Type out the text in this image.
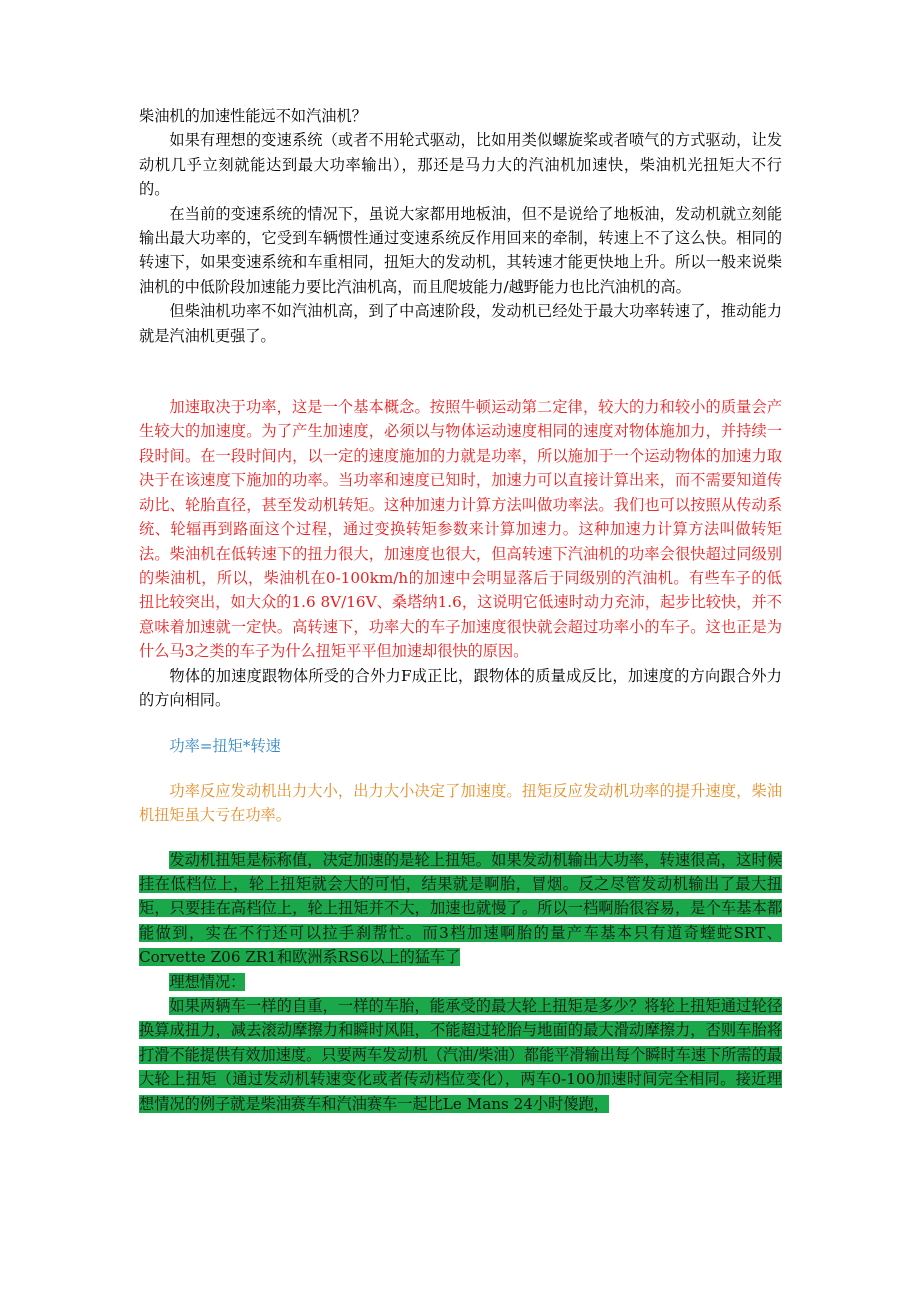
柴油机的加速性能远不如汽油机？

如果有理想的变速系统（或者不用轮式驱动，比如用类似螺旋桨或者喷气的方式驱动，让发动机几乎立刻就能达到最大功率输出），那还是马力大的汽油机加速快，柴油机光扭矩大不行的。

在当前的变速系统的情况下，虽说大家都用地板油，但不是说给了地板油，发动机就立刻能输出最大功率的，它受到车辆惯性通过变速系统反作用回来的牵制，转速上不了这么快。相同的转速下，如果变速系统和车重相同，扭矩大的发动机，其转速才能更快地上升。所以一般来说柴油机的中低阶段加速能力要比汽油机高，而且爬坡能力/越野能力也比汽油机的高。

但柴油机功率不如汽油机高，到了中高速阶段，发动机已经处于最大功率转速了，推动能力就是汽油机更强了。

加速取决于功率，这是一个基本概念。按照牛顿运动第二定律，较大的力和较小的质量会产生较大的加速度。为了产生加速度，必须以与物体运动速度相同的速度对物体施加力，并持续一段时间。在一段时间内，以一定的速度施加的力就是功率，所以施加于一个运动物体的加速力取决于在该速度下施加的功率。当功率和速度已知时，加速力可以直接计算出来，而不需要知道传动比、轮胎直径，甚至发动机转矩。这种加速力计算方法叫做功率法。我们也可以按照从传动系统、轮辐再到路面这个过程，通过变换转矩参数来计算加速力。这种加速力计算方法叫做转矩法。柴油机在低转速下的扭力很大，加速度也很大，但高转速下汽油机的功率会很快超过同级别的柴油机，所以，柴油机在0-100km/h的加速中会明显落后于同级别的汽油机。有些车子的低扭比较突出，如大众的1.6 8V/16V、桑塔纳1.6，这说明它低速时动力充沛，起步比较快，并不意味着加速就一定快。高转速下，功率大的车子加速度很快就会超过功率小的车子。这也正是为什么马3之类的车子为什么扭矩平平但加速却很快的原因。

物体的加速度跟物体所受的合外力F成正比，跟物体的质量成反比，加速度的方向跟合外力的方向相同。

功率=扭矩*转速

功率反应发动机出力大小，出力大小决定了加速度。扭矩反应发动机功率的提升速度，柴油机扭矩虽大亏在功率。

发动机扭矩是标称值，决定加速的是轮上扭矩。如果发动机输出大功率，转速很高，这时候挂在低档位上，轮上扭矩就会大的可怕，结果就是啊胎，冒烟。反之尽管发动机输出了最大扭矩，只要挂在高档位上，轮上扭矩并不大，加速也就慢了。所以一档啊胎很容易，是个车基本都能做到，实在不行还可以拉手刹帮忙。而3档加速啊胎的量产车基本只有道奇蝰蛇SRT、Corvette Z06 ZR1和欧洲系RS6以上的猛车了

理想情况：

如果两辆车一样的自重，一样的车胎，能承受的最大轮上扭矩是多少？将轮上扭矩通过轮径换算成扭力，减去滚动摩擦力和瞬时风阻，不能超过轮胎与地面的最大滑动摩擦力，否则车胎将打滑不能提供有效加速度。只要两车发动机（汽油/柴油）都能平滑输出每个瞬时车速下所需的最大轮上扭矩（通过发动机转速变化或者传动档位变化），两车0-100加速时间完全相同。接近理想情况的例子就是柴油赛车和汽油赛车一起比Le Mans 24小时傻跑，
